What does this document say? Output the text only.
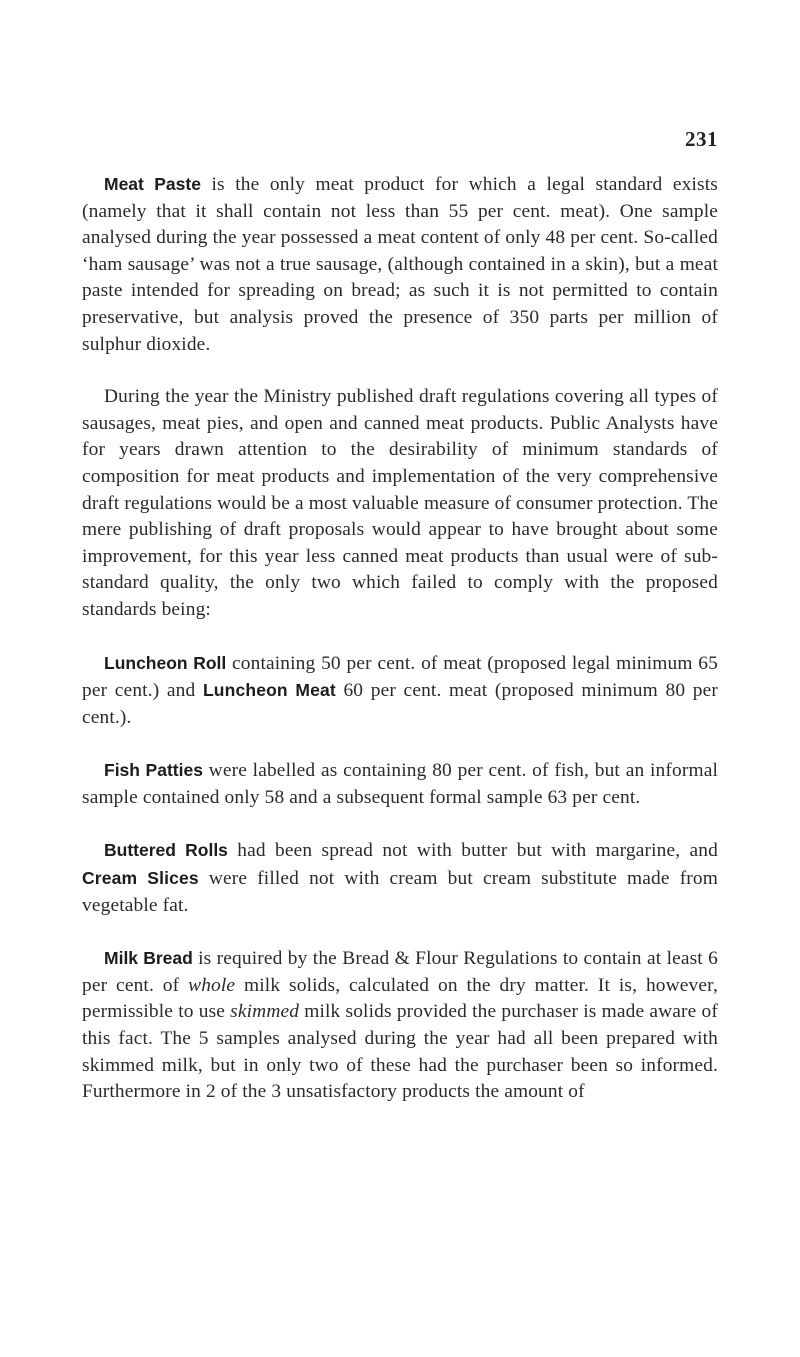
231

Meat Paste is the only meat product for which a legal standard exists (namely that it shall contain not less than 55 per cent. meat). One sample analysed during the year possessed a meat content of only 48 per cent. So-called ‘ham sausage’ was not a true sausage, (although contained in a skin), but a meat paste intended for spreading on bread; as such it is not permitted to contain preservative, but analysis proved the presence of 350 parts per million of sulphur dioxide.

During the year the Ministry published draft regulations covering all types of sausages, meat pies, and open and canned meat products. Public Analysts have for years drawn attention to the desirability of minimum standards of composition for meat products and implementation of the very comprehensive draft regulations would be a most valuable measure of consumer protection. The mere publishing of draft proposals would appear to have brought about some improvement, for this year less canned meat products than usual were of sub-standard quality, the only two which failed to comply with the proposed standards being:

Luncheon Roll containing 50 per cent. of meat (proposed legal minimum 65 per cent.) and Luncheon Meat 60 per cent. meat (proposed minimum 80 per cent.).

Fish Patties were labelled as containing 80 per cent. of fish, but an informal sample contained only 58 and a subsequent formal sample 63 per cent.

Buttered Rolls had been spread not with butter but with margarine, and Cream Slices were filled not with cream but cream substitute made from vegetable fat.

Milk Bread is required by the Bread & Flour Regulations to contain at least 6 per cent. of whole milk solids, calculated on the dry matter. It is, however, permissible to use skimmed milk solids provided the purchaser is made aware of this fact. The 5 samples analysed during the year had all been prepared with skimmed milk, but in only two of these had the purchaser been so informed. Furthermore in 2 of the 3 unsatisfactory products the amount of
